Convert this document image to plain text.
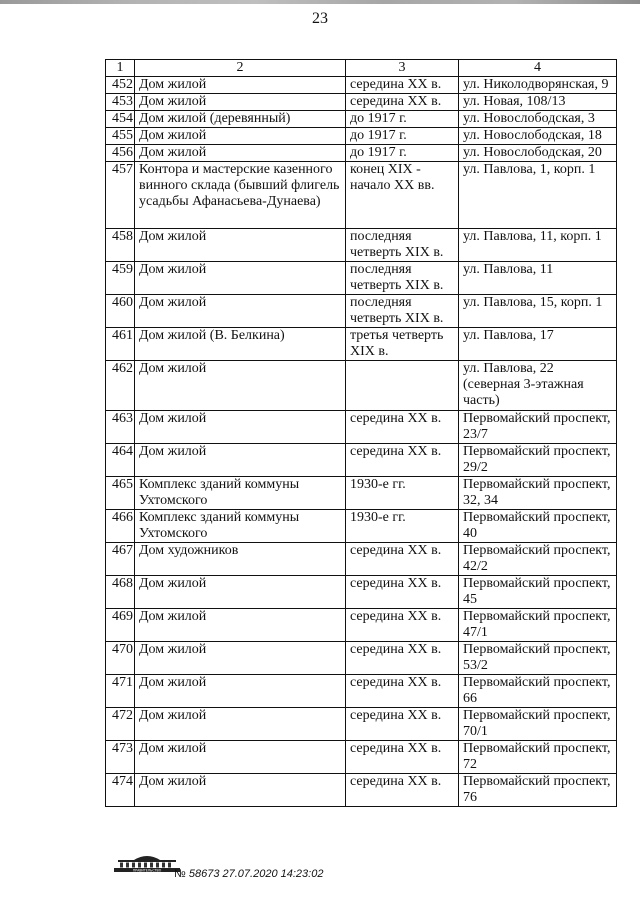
23
1	2	3	4
452	Дом жилой	середина XX в.	ул. Николодворянская, 9
453	Дом жилой	середина XX в.	ул. Новая, 108/13
454	Дом жилой (деревянный)	до 1917 г.	ул. Новослободская, 3
455	Дом жилой	до 1917 г.	ул. Новослободская, 18
456	Дом жилой	до 1917 г.	ул. Новослободская, 20
457	Контора и мастерские казенного винного склада (бывший флигель усадьбы Афанасьева-Дунаева)	конец XIX - начало XX вв.	ул. Павлова, 1, корп. 1
458	Дом жилой	последняя четверть XIX в.	ул. Павлова, 11, корп. 1
459	Дом жилой	последняя четверть XIX в.	ул. Павлова, 11
460	Дом жилой	последняя четверть XIX в.	ул. Павлова, 15, корп. 1
461	Дом жилой (В. Белкина)	третья четверть XIX в.	ул. Павлова, 17
462	Дом жилой		ул. Павлова, 22 (северная 3-этажная часть)
463	Дом жилой	середина XX в.	Первомайский проспект, 23/7
464	Дом жилой	середина XX в.	Первомайский проспект, 29/2
465	Комплекс зданий коммуны Ухтомского	1930-е гг.	Первомайский проспект, 32, 34
466	Комплекс зданий коммуны Ухтомского	1930-е гг.	Первомайский проспект, 40
467	Дом художников	середина XX в.	Первомайский проспект, 42/2
468	Дом жилой	середина XX в.	Первомайский проспект, 45
469	Дом жилой	середина XX в.	Первомайский проспект, 47/1
470	Дом жилой	середина XX в.	Первомайский проспект, 53/2
471	Дом жилой	середина XX в.	Первомайский проспект, 66
472	Дом жилой	середина XX в.	Первомайский проспект, 70/1
473	Дом жилой	середина XX в.	Первомайский проспект, 72
474	Дом жилой	середина XX в.	Первомайский проспект, 76
ПРАВИТЕЛЬСТВО № 58673 27.07.2020 14:23:02
